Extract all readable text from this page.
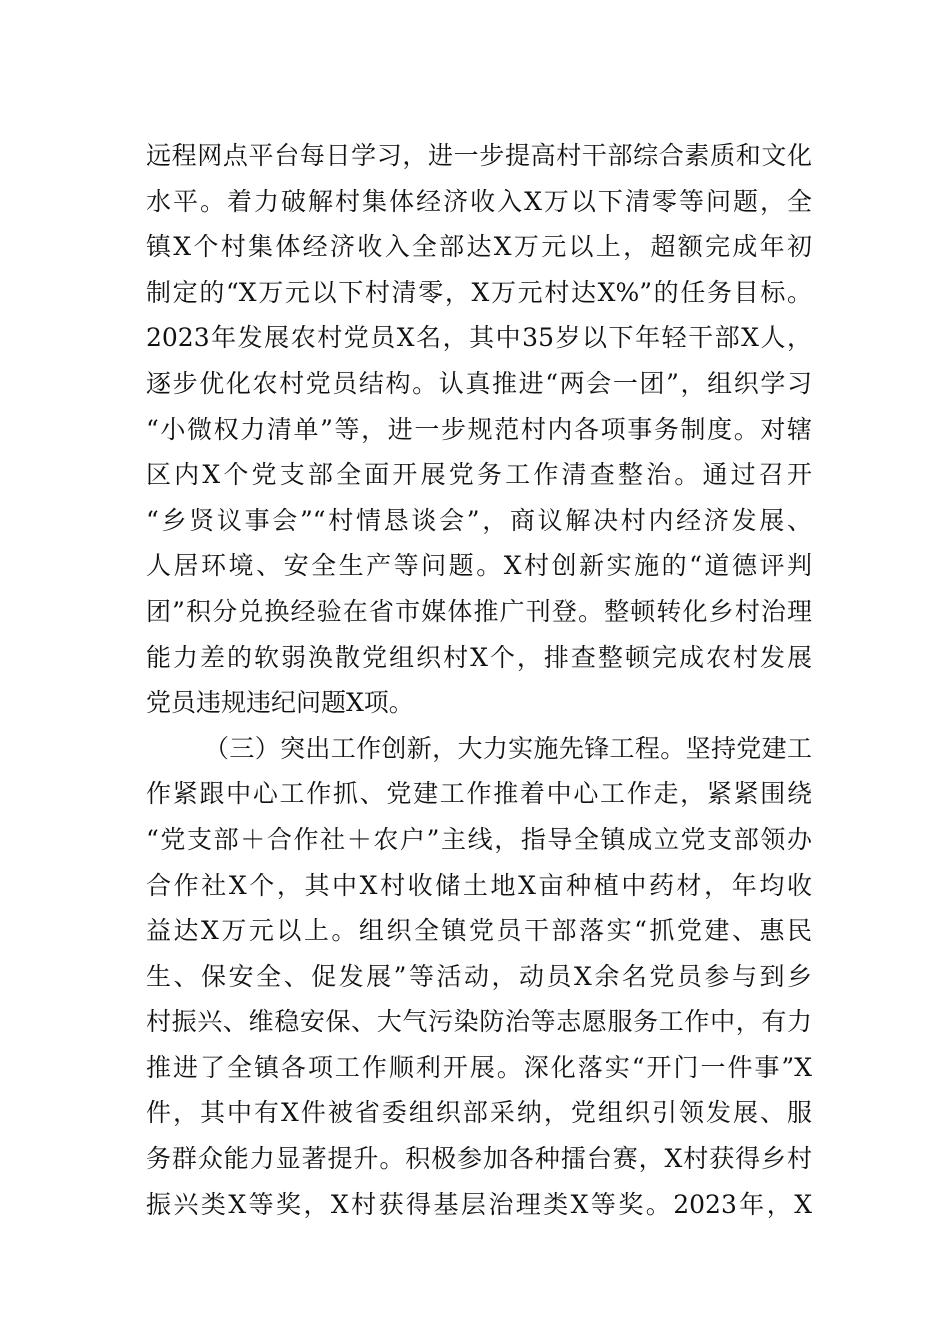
远程网点平台每日学习，进一步提高村干部综合素质和文化
水平。着力破解村集体经济收入X万以下清零等问题，全
镇X个村集体经济收入全部达X万元以上，超额完成年初
制定的“X万元以下村清零，X万元村达X%”的任务目标。
2023年发展农村党员X名，其中35岁以下年轻干部X人，
逐步优化农村党员结构。认真推进“两会一团”，组织学习
“小微权力清单”等，进一步规范村内各项事务制度。对辖
区内X个党支部全面开展党务工作清查整治。通过召开
“乡贤议事会”“村情恳谈会”，商议解决村内经济发展、
人居环境、安全生产等问题。X村创新实施的“道德评判
团”积分兑换经验在省市媒体推广刊登。整顿转化乡村治理
能力差的软弱涣散党组织村X个，排查整顿完成农村发展
党员违规违纪问题X项。
（三）突出工作创新，大力实施先锋工程。坚持党建工
作紧跟中心工作抓、党建工作推着中心工作走，紧紧围绕
“党支部＋合作社＋农户”主线，指导全镇成立党支部领办
合作社X个，其中X村收储土地X亩种植中药材，年均收
益达X万元以上。组织全镇党员干部落实“抓党建、惠民
生、保安全、促发展”等活动，动员X余名党员参与到乡
村振兴、维稳安保、大气污染防治等志愿服务工作中，有力
推进了全镇各项工作顺利开展。深化落实“开门一件事”X
件，其中有X件被省委组织部采纳，党组织引领发展、服
务群众能力显著提升。积极参加各种擂台赛，X村获得乡村
振兴类X等奖，X村获得基层治理类X等奖。2023年，X
